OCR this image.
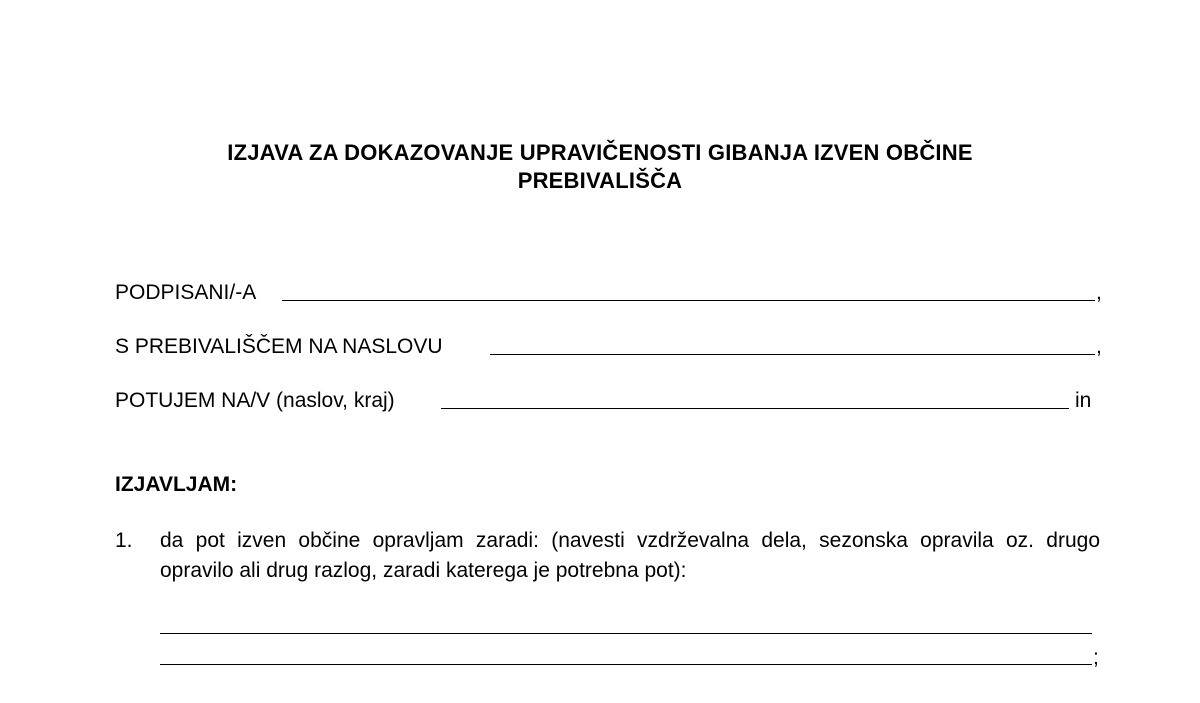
IZJAVA ZA DOKAZOVANJE UPRAVIČENOSTI GIBANJA IZVEN OBČINE
PREBIVALIŠČA
PODPISANI/-A	,
S PREBIVALIŠČEM NA NASLOVU	,
POTUJEM NA/V (naslov, kraj)	in
IZJAVLJAM:
1. da pot izven občine opravljam zaradi: (navesti vzdrževalna dela, sezonska opravila oz. drugo opravilo ali drug razlog, zaradi katerega je potrebna pot):
;
